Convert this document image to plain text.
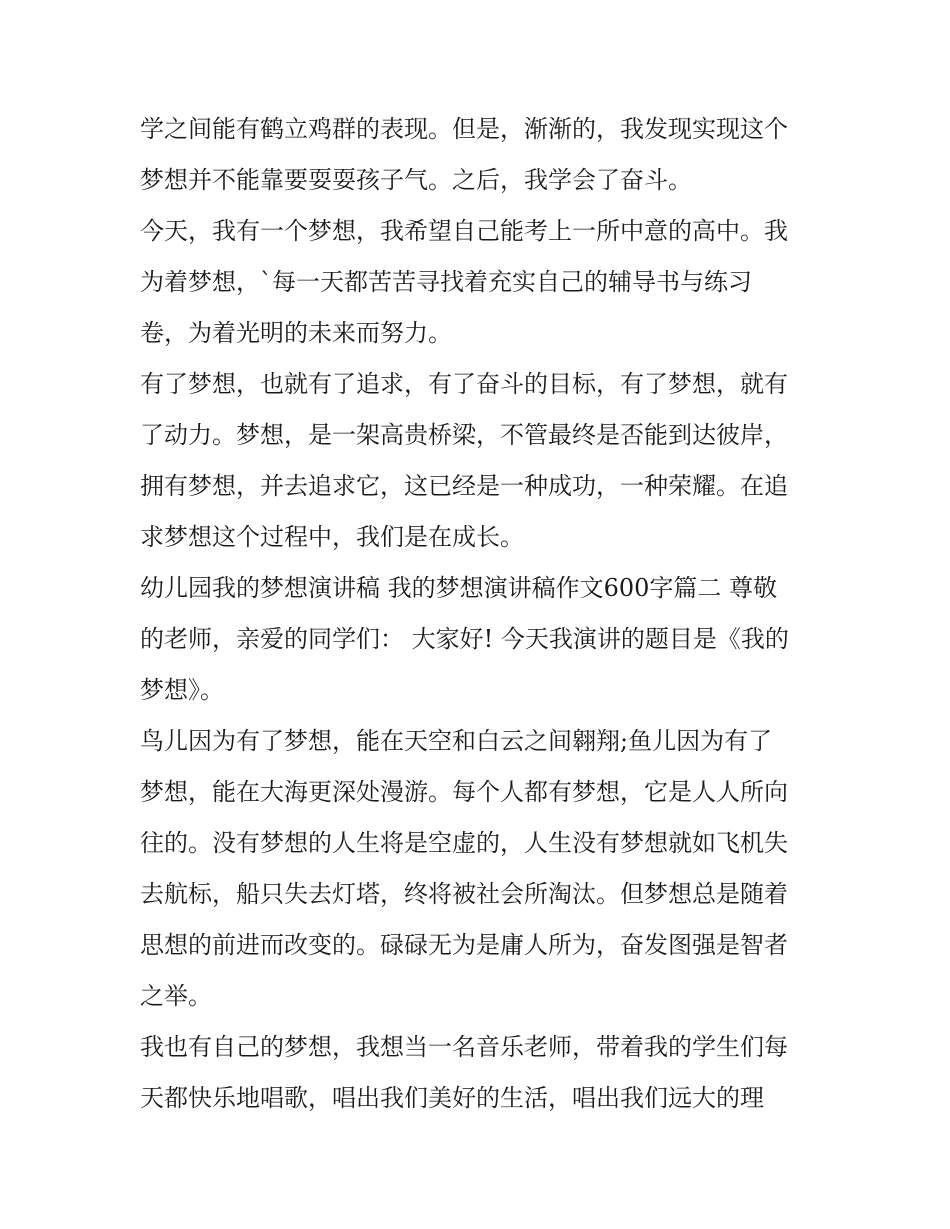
学之间能有鹤立鸡群的表现。但是，渐渐的，我发现实现这个
梦想并不能靠要耍耍孩子气。之后，我学会了奋斗。
今天，我有一个梦想，我希望自己能考上一所中意的高中。我
为着梦想，`每一天都苦苦寻找着充实自己的辅导书与练习
卷，为着光明的未来而努力。
有了梦想，也就有了追求，有了奋斗的目标，有了梦想，就有
了动力。梦想，是一架高贵桥梁，不管最终是否能到达彼岸，
拥有梦想，并去追求它，这已经是一种成功，一种荣耀。在追
求梦想这个过程中，我们是在成长。
幼儿园我的梦想演讲稿 我的梦想演讲稿作文600字篇二 尊敬
的老师，亲爱的同学们： 大家好! 今天我演讲的题目是《我的
梦想》。
鸟儿因为有了梦想，能在天空和白云之间翱翔;鱼儿因为有了
梦想，能在大海更深处漫游。每个人都有梦想，它是人人所向
往的。没有梦想的人生将是空虚的，人生没有梦想就如飞机失
去航标，船只失去灯塔，终将被社会所淘汰。但梦想总是随着
思想的前进而改变的。碌碌无为是庸人所为，奋发图强是智者
之举。
我也有自己的梦想，我想当一名音乐老师，带着我的学生们每
天都快乐地唱歌，唱出我们美好的生活，唱出我们远大的理
